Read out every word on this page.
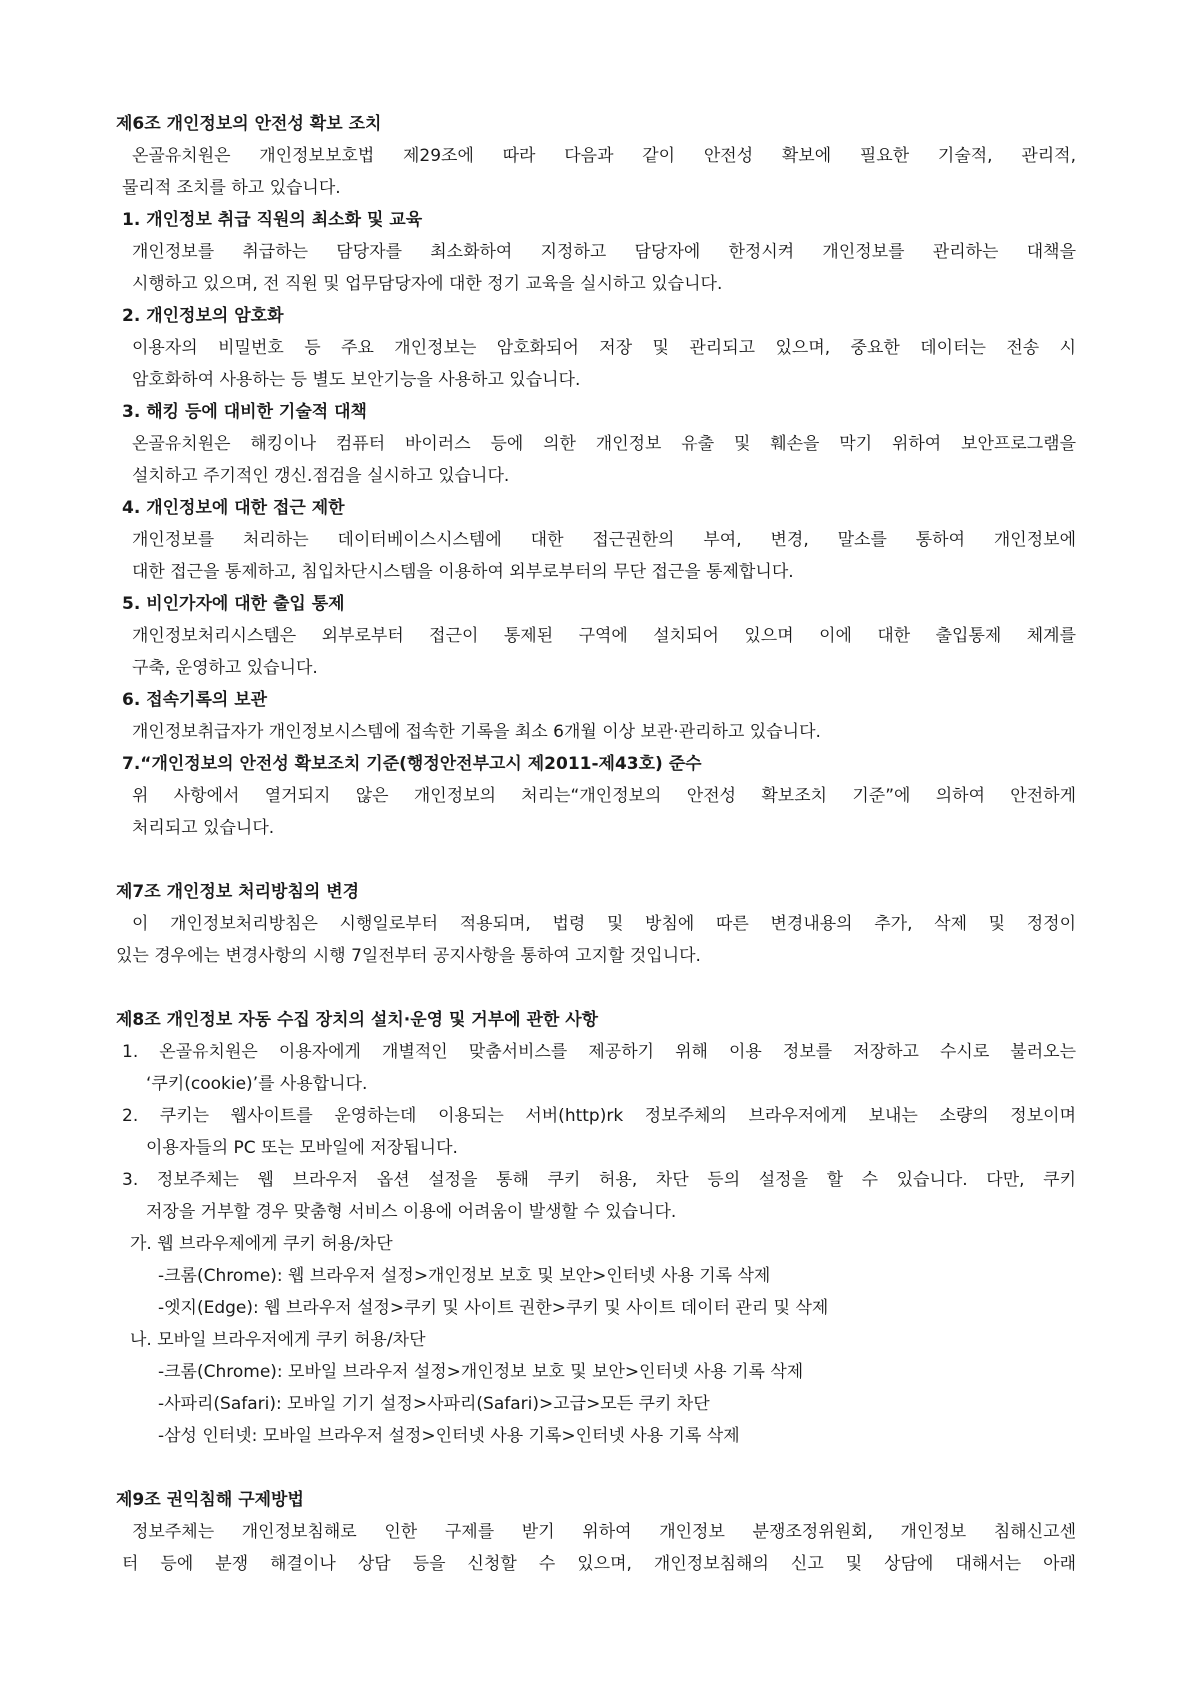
제6조 개인정보의 안전성 확보 조치
온골유치원은 개인정보보호법 제29조에 따라 다음과 같이 안전성 확보에 필요한 기술적, 관리적,
물리적 조치를 하고 있습니다.
1. 개인정보 취급 직원의 최소화 및 교육
개인정보를 취급하는 담당자를 최소화하여 지정하고 담당자에 한정시켜 개인정보를 관리하는 대책을
시행하고 있으며, 전 직원 및 업무담당자에 대한 정기 교육을 실시하고 있습니다.
2. 개인정보의 암호화
이용자의 비밀번호 등 주요 개인정보는 암호화되어 저장 및 관리되고 있으며, 중요한 데이터는 전송 시
암호화하여 사용하는 등 별도 보안기능을 사용하고 있습니다.
3. 해킹 등에 대비한 기술적 대책
온골유치원은 해킹이나 컴퓨터 바이러스 등에 의한 개인정보 유출 및 훼손을 막기 위하여 보안프로그램을
설치하고 주기적인 갱신.점검을 실시하고 있습니다.
4. 개인정보에 대한 접근 제한
개인정보를 처리하는 데이터베이스시스템에 대한 접근권한의 부여, 변경, 말소를 통하여 개인정보에
대한 접근을 통제하고, 침입차단시스템을 이용하여 외부로부터의 무단 접근을 통제합니다.
5. 비인가자에 대한 출입 통제
개인정보처리시스템은 외부로부터 접근이 통제된 구역에 설치되어 있으며 이에 대한 출입통제 체계를
구축, 운영하고 있습니다.
6. 접속기록의 보관
개인정보취급자가 개인정보시스템에 접속한 기록을 최소 6개월 이상 보관·관리하고 있습니다.
7.“개인정보의 안전성 확보조치 기준(행정안전부고시 제2011-제43호) 준수
위 사항에서 열거되지 않은 개인정보의 처리는“개인정보의 안전성 확보조치 기준”에 의하여 안전하게
처리되고 있습니다.
제7조 개인정보 처리방침의 변경
이 개인정보처리방침은 시행일로부터 적용되며, 법령 및 방침에 따른 변경내용의 추가, 삭제 및 정정이
있는 경우에는 변경사항의 시행 7일전부터 공지사항을 통하여 고지할 것입니다.
제8조 개인정보 자동 수집 장치의 설치·운영 및 거부에 관한 사항
1. 온골유치원은 이용자에게 개별적인 맞춤서비스를 제공하기 위해 이용 정보를 저장하고 수시로 불러오는
‘쿠키(cookie)’를 사용합니다.
2. 쿠키는 웹사이트를 운영하는데 이용되는 서버(http)rk 정보주체의 브라우저에게 보내는 소량의 정보이며
이용자들의 PC 또는 모바일에 저장됩니다.
3. 정보주체는 웹 브라우저 옵션 설정을 통해 쿠키 허용, 차단 등의 설정을 할 수 있습니다. 다만, 쿠키
저장을 거부할 경우 맞춤형 서비스 이용에 어려움이 발생할 수 있습니다.
가. 웹 브라우제에게 쿠키 허용/차단
-크롬(Chrome): 웹 브라우저 설정>개인정보 보호 및 보안>인터넷 사용 기록 삭제
-엣지(Edge): 웹 브라우저 설정>쿠키 및 사이트 권한>쿠키 및 사이트 데이터 관리 및 삭제
나. 모바일 브라우저에게 쿠키 허용/차단
-크롬(Chrome): 모바일 브라우저 설정>개인정보 보호 및 보안>인터넷 사용 기록 삭제
-사파리(Safari): 모바일 기기 설정>사파리(Safari)>고급>모든 쿠키 차단
-삼성 인터넷: 모바일 브라우저 설정>인터넷 사용 기록>인터넷 사용 기록 삭제
제9조 권익침해 구제방법
정보주체는 개인정보침해로 인한 구제를 받기 위하여 개인정보 분쟁조정위원회, 개인정보 침해신고센
터 등에 분쟁 해결이나 상담 등을 신청할 수 있으며, 개인정보침해의 신고 및 상담에 대해서는 아래
